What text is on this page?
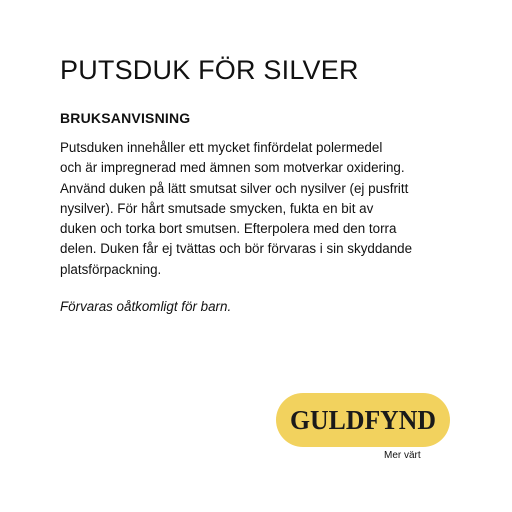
PUTSDUK FÖR SILVER
BRUKSANVISNING
Putsduken innehåller ett mycket finfördelat polermedel
och är impregnerad med ämnen som motverkar oxidering.
Använd duken på lätt smutsat silver och nysilver (ej pusfritt
nysilver). För hårt smutsade smycken, fukta en bit av
duken och torka bort smutsen. Efterpolera med den torra
delen. Duken får ej tvättas och bör förvaras i sin skyddande
platsförpackning.

Förvaras oåtkomligt för barn.

GULDFYND

Mer värt
